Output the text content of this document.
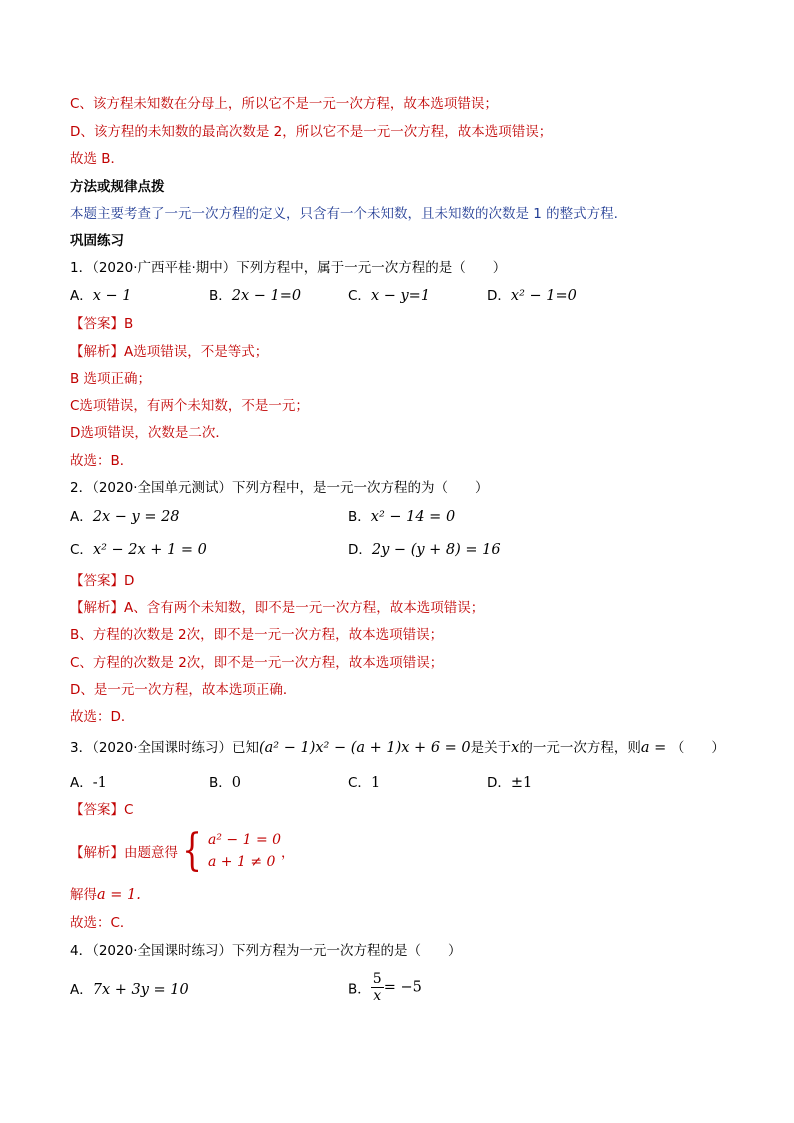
C、该方程未知数在分母上，所以它不是一元一次方程，故本选项错误；
D、该方程的未知数的最高次数是 2，所以它不是一元一次方程，故本选项错误；
故选 B．
方法或规律点拨
本题主要考查了一元一次方程的定义，只含有一个未知数，且未知数的次数是 1 的整式方程.
巩固练习
1．（2020·广西平桂·期中）下列方程中，属于一元一次方程的是（　　）
A．x − 1	B．2x − 1=0	C．x − y=1	D．x² − 1=0
【答案】B
【解析】A选项错误，不是等式；
B 选项正确；
C选项错误，有两个未知数，不是一元；
D选项错误，次数是二次．
故选：B．
2．（2020·全国单元测试）下列方程中，是一元一次方程的为（　　）
A．2x − y = 28	B．x² − 14 = 0
C．x² − 2x + 1 = 0	D．2y − (y + 8) = 16
【答案】D
【解析】A、含有两个未知数，即不是一元一次方程，故本选项错误；
B、方程的次数是 2次，即不是一元一次方程，故本选项错误；
C、方程的次数是 2次，即不是一元一次方程，故本选项错误；
D、是一元一次方程，故本选项正确．
故选：D．
3．（2020·全国课时练习）已知(a² − 1)x² − (a + 1)x + 6 = 0是关于x的一元一次方程，则a = （　　）
A．-1	B．0	C．1	D．±1
【答案】C
【解析】由题意得{ a² − 1 = 0
a + 1 ≠ 0
，
解得a = 1.
故选：C．
4．（2020·全国课时练习）下列方程为一元一次方程的是（　　）
A．7x + 3y = 10	B． $\frac{5}{x} = -5$
